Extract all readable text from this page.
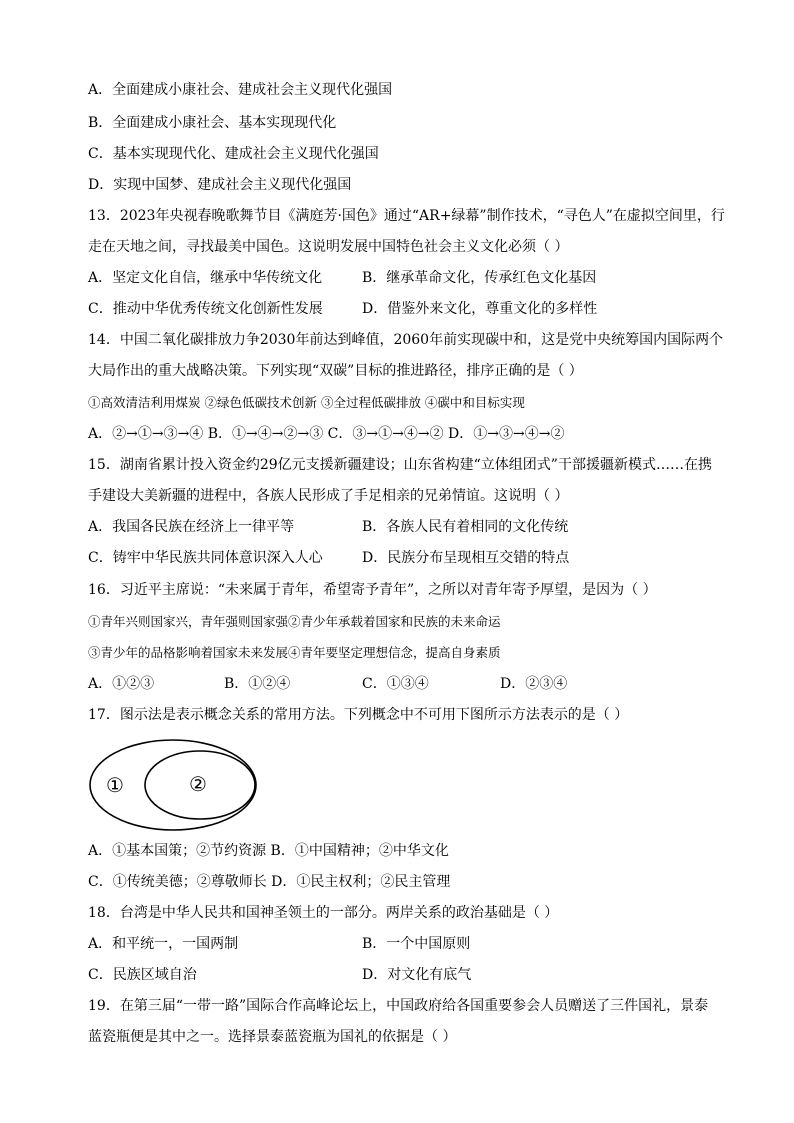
A．全面建成小康社会、建成社会主义现代化强国
B．全面建成小康社会、基本实现现代化
C．基本实现现代化、建成社会主义现代化强国
D．实现中国梦、建成社会主义现代化强国
13．2023年央视春晚歌舞节目《满庭芳·国色》通过“AR+绿幕”制作技术，“寻色人”在虚拟空间里，行
走在天地之间，寻找最美中国色。这说明发展中国特色社会主义文化必须（ ）
A．坚定文化自信，继承中华传统文化	B．继承革命文化，传承红色文化基因
C．推动中华优秀传统文化创新性发展	D．借鉴外来文化，尊重文化的多样性
14．中国二氧化碳排放力争2030年前达到峰值，2060年前实现碳中和，这是党中央统筹国内国际两个
大局作出的重大战略决策。下列实现“双碳”目标的推进路径，排序正确的是（ ）
①高效清洁利用煤炭 ②绿色低碳技术创新 ③全过程低碳排放 ④碳中和目标实现
A．②→①→③→④ B．①→④→②→③ C．③→①→④→② D．①→③→④→②
15．湖南省累计投入资金约29亿元支援新疆建设；山东省构建“立体组团式”干部援疆新模式……在携
手建设大美新疆的进程中，各族人民形成了手足相亲的兄弟情谊。这说明（ ）
A．我国各民族在经济上一律平等	B．各族人民有着相同的文化传统
C．铸牢中华民族共同体意识深入人心	D．民族分布呈现相互交错的特点
16．习近平主席说：“未来属于青年，希望寄予青年”，之所以对青年寄予厚望，是因为（ ）
①青年兴则国家兴，青年强则国家强②青少年承载着国家和民族的未来命运
③青少年的品格影响着国家未来发展④青年要坚定理想信念，提高自身素质
A．①②③	B．①②④	C．①③④	D．②③④
17．图示法是表示概念关系的常用方法。下列概念中不可用下图所示方法表示的是（ ）
①	②
A．①基本国策；②节约资源 B．①中国精神；②中华文化
C．①传统美德；②尊敬师长 D．①民主权利；②民主管理
18．台湾是中华人民共和国神圣领土的一部分。两岸关系的政治基础是（ ）
A．和平统一，一国两制	B．一个中国原则
C．民族区域自治	D．对文化有底气
19．在第三届“一带一路”国际合作高峰论坛上，中国政府给各国重要参会人员赠送了三件国礼，景泰
蓝瓷瓶便是其中之一。选择景泰蓝瓷瓶为国礼的依据是（ ）
